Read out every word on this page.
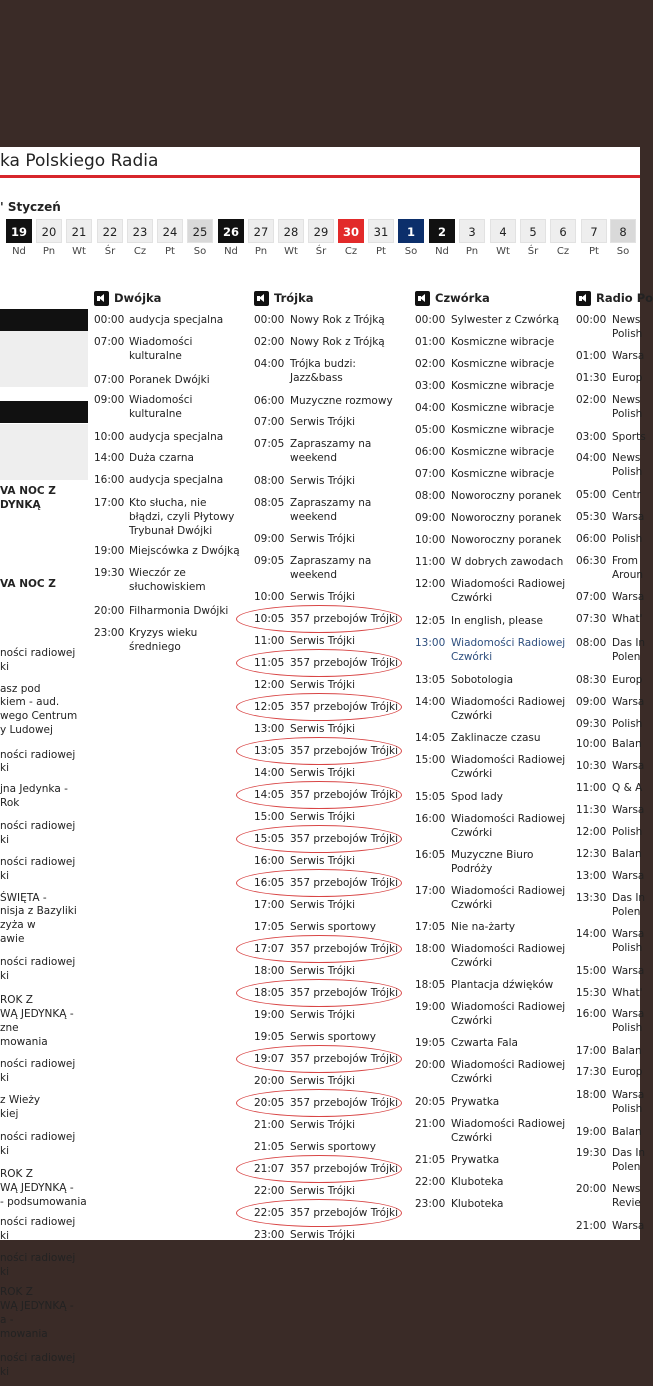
ka Polskiego Radia
' Styczeń
19
Nd
20
Pn
21
Wt
22
Śr
23
Cz
24
Pt
25
So
26
Nd
27
Pn
28
Wt
29
Śr
30
Cz
31
Pt
1
So
2
Nd
3
Pn
4
Wt
5
Śr
6
Cz
7
Pt
8
So
VA NOC Z
DYNKĄ
VA NOC Z
ności radiowej
ki
asz pod
kiem - aud.
wego Centrum
y Ludowej
ności radiowej
ki
jna Jedynka -
Rok
ności radiowej
ki
ności radiowej
ki
ŚWIĘTA -
nisja z Bazyliki
zyża w
awie
ności radiowej
ki
ROK Z
WĄ JEDYNKĄ -
zne
mowania
ności radiowej
ki
z Wieży
kiej
ności radiowej
ki
ROK Z
WĄ JEDYNKĄ -
- podsumowania
ności radiowej
ki
ności radiowej
ki
ROK Z
WĄ JEDYNKĄ -
a -
mowania
ności radiowej
ki
Dwójka
00:00 audycja specjalna
07:00 Wiadomości
kulturalne
07:00 Poranek Dwójki
09:00 Wiadomości
kulturalne
10:00 audycja specjalna
14:00 Duża czarna
16:00 audycja specjalna
17:00 Kto słucha, nie
błądzi, czyli Płytowy
Trybunał Dwójki
19:00 Miejscówka z Dwójką
19:30 Wieczór ze
słuchowiskiem
20:00 Filharmonia Dwójki
23:00 Kryzys wieku
średniego
Trójka
00:00 Nowy Rok z Trójką
02:00 Nowy Rok z Trójką
04:00 Trójka budzi:
Jazz&bass
06:00 Muzyczne rozmowy
07:00 Serwis Trójki
07:05 Zapraszamy na
weekend
08:00 Serwis Trójki
08:05 Zapraszamy na
weekend
09:00 Serwis Trójki
09:05 Zapraszamy na
weekend
10:00 Serwis Trójki
10:05 357 przebojów Trójki
11:00 Serwis Trójki
11:05 357 przebojów Trójki
12:00 Serwis Trójki
12:05 357 przebojów Trójki
13:00 Serwis Trójki
13:05 357 przebojów Trójki
14:00 Serwis Trójki
14:05 357 przebojów Trójki
15:00 Serwis Trójki
15:05 357 przebojów Trójki
16:00 Serwis Trójki
16:05 357 przebojów Trójki
17:00 Serwis Trójki
17:05 Serwis sportowy
17:07 357 przebojów Trójki
18:00 Serwis Trójki
18:05 357 przebojów Trójki
19:00 Serwis Trójki
19:05 Serwis sportowy
19:07 357 przebojów Trójki
20:00 Serwis Trójki
20:05 357 przebojów Trójki
21:00 Serwis Trójki
21:05 Serwis sportowy
21:07 357 przebojów Trójki
22:00 Serwis Trójki
22:05 357 przebojów Trójki
23:00 Serwis Trójki
Czwórka
00:00 Sylwester z Czwórką
01:00 Kosmiczne wibracje
02:00 Kosmiczne wibracje
03:00 Kosmiczne wibracje
04:00 Kosmiczne wibracje
05:00 Kosmiczne wibracje
06:00 Kosmiczne wibracje
07:00 Kosmiczne wibracje
08:00 Noworoczny poranek
09:00 Noworoczny poranek
10:00 Noworoczny poranek
11:00 W dobrych zawodach
12:00 Wiadomości Radiowej
Czwórki
12:05 In english, please
13:00 Wiadomości Radiowej
Czwórki
13:05 Sobotologia
14:00 Wiadomości Radiowej
Czwórki
14:05 Zaklinacze czasu
15:00 Wiadomości Radiowej
Czwórki
15:05 Spod lady
16:00 Wiadomości Radiowej
Czwórki
16:05 Muzyczne Biuro
Podróży
17:00 Wiadomości Radiowej
Czwórki
17:05 Nie na-żarty
18:00 Wiadomości Radiowej
Czwórki
18:05 Plantacja dźwięków
19:00 Wiadomości Radiowej
Czwórki
19:05 Czwarta Fala
20:00 Wiadomości Radiowej
Czwórki
20:05 Prywatka
21:00 Wiadomości Radiowej
Czwórki
21:05 Prywatka
22:00 Kluboteka
23:00 Kluboteka
Radio Po
00:00 News
Polish
01:00 Warsa
01:30 Europ
02:00 News
Polish
03:00 Sports
04:00 News
Polish
05:00 Centr
05:30 Warsa
06:00 Polish
06:30 From
Aroun
07:00 Warsa
07:30 What'
08:00 Das In
Polen
08:30 Europ
09:00 Warsa
09:30 Polish
10:00 Balan
10:30 Warsa
11:00 Q & A
11:30 Warsa
12:00 Polish
12:30 Balan
13:00 Warsa
13:30 Das In
Polen
14:00 Warsa
Polish
15:00 Warsa
15:30 What'
16:00 Warsa
Polish
17:00 Balan
17:30 Europ
18:00 Warsa
Polish
19:00 Balan
19:30 Das In
Polen
20:00 News
Revie
21:00 Warsa
